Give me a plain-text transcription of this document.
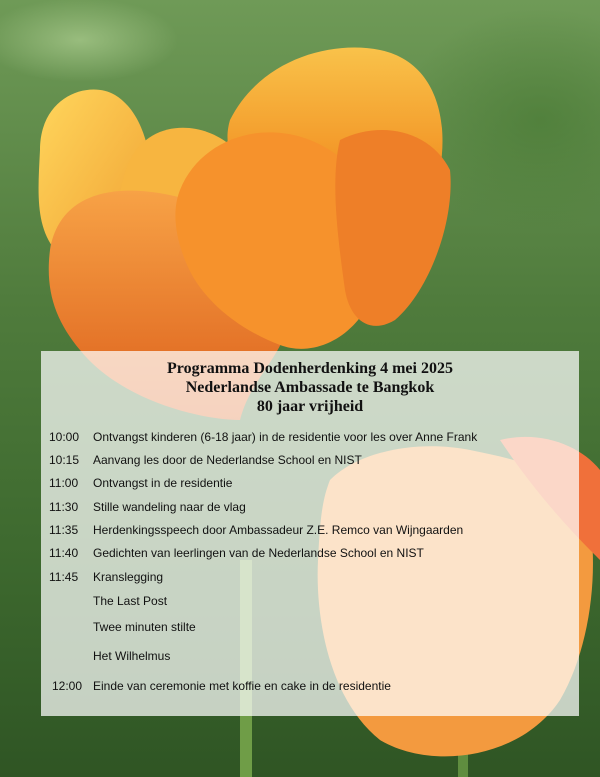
Programma Dodenherdenking 4 mei 2025
Nederlandse Ambassade te Bangkok
80 jaar vrijheid
10:00 Ontvangst kinderen (6-18 jaar) in de residentie voor les over Anne Frank
10:15 Aanvang les door de Nederlandse School en NIST
11:00 Ontvangst in de residentie
11:30 Stille wandeling naar de vlag
11:35 Herdenkingsspeech door Ambassadeur Z.E. Remco van Wijngaarden
11:40 Gedichten van leerlingen van de Nederlandse School en NIST
11:45 Kranslegging
The Last Post
Twee minuten stilte
Het Wilhelmus
12:00 Einde van ceremonie met koffie en cake in de residentie
